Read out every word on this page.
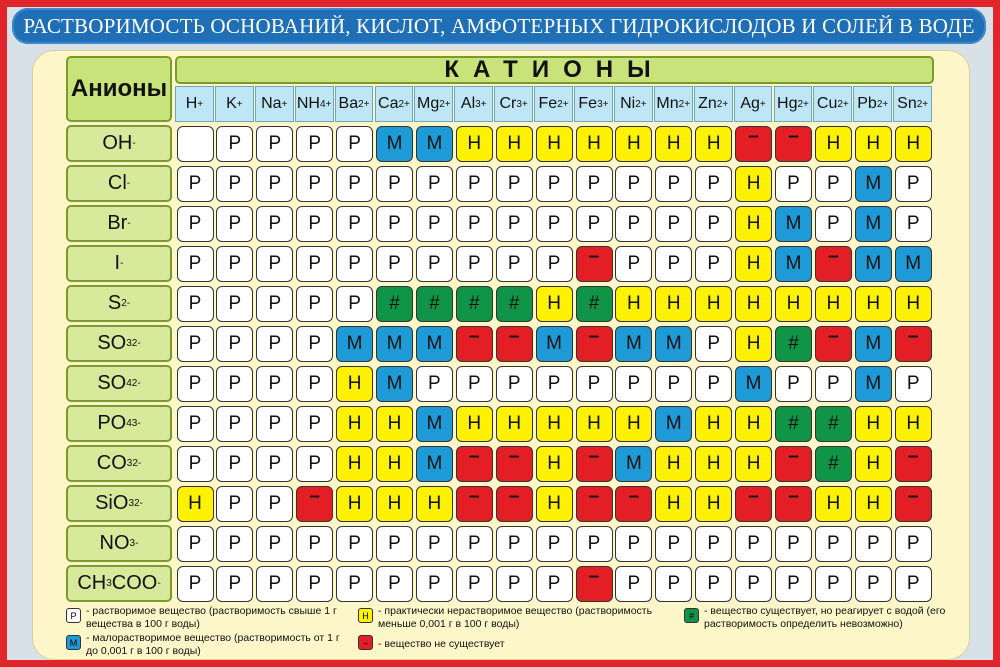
РАСТВОРИМОСТЬ ОСНОВАНИЙ, КИСЛОТ, АМФОТЕРНЫХ ГИДРОКИСЛОДОВ И СОЛЕЙ В ВОДЕ
Анионы
КАТИОНЫ
H + K + Na + NH 4 + Ba 2+ Ca 2+ Mg 2+ Al 3+ Cr 3+ Fe 2+ Fe 3+ Ni 2+ Mn 2+ Zn 2+ Ag + Hg 2+ Cu 2+ Pb 2+ Sn 2+
OH -
Cl -
Br -
I -
S 2-
SO 3 2-
SO 4 2-
PO 4 3-
CO 3 2-
SiO 3 2-
NO 3 -
CH 3 COO -
P P P P M M H H H H H H H – – H H H
P P P P P P P P P P P P P P H P P M P
P P P P P P P P P P P P P P H M P M P
P P P P P P P P P P – P P P H M – M M
P P P P P # # # # H # H H H H H H H H
P P P P M M M – – M – M M P H # – M –
P P P P H M P P P P P P P P M P P M P
P P P P H H M H H H H H M H H # # H H
P P P P H H M – – H – M H H H – # H –
H P P – H H H – – H – – H H – – H H –
P P P P P P P P P P P P P P P P P P P
P P P P P P P P P P – P P P P P P P P
P - растворимое вещество (растворимость свыше 1 г вещества в 100 г воды)
M - малорастворимое вещество (растворимость от 1 г до 0,001 г в 100 г воды)
H - практически нерастворимое вещество (растворимость меньше 0,001 г в 100 г воды)
– - вещество не существует
# - вещество существует, но реагирует с водой (его растворимость определить невозможно)
